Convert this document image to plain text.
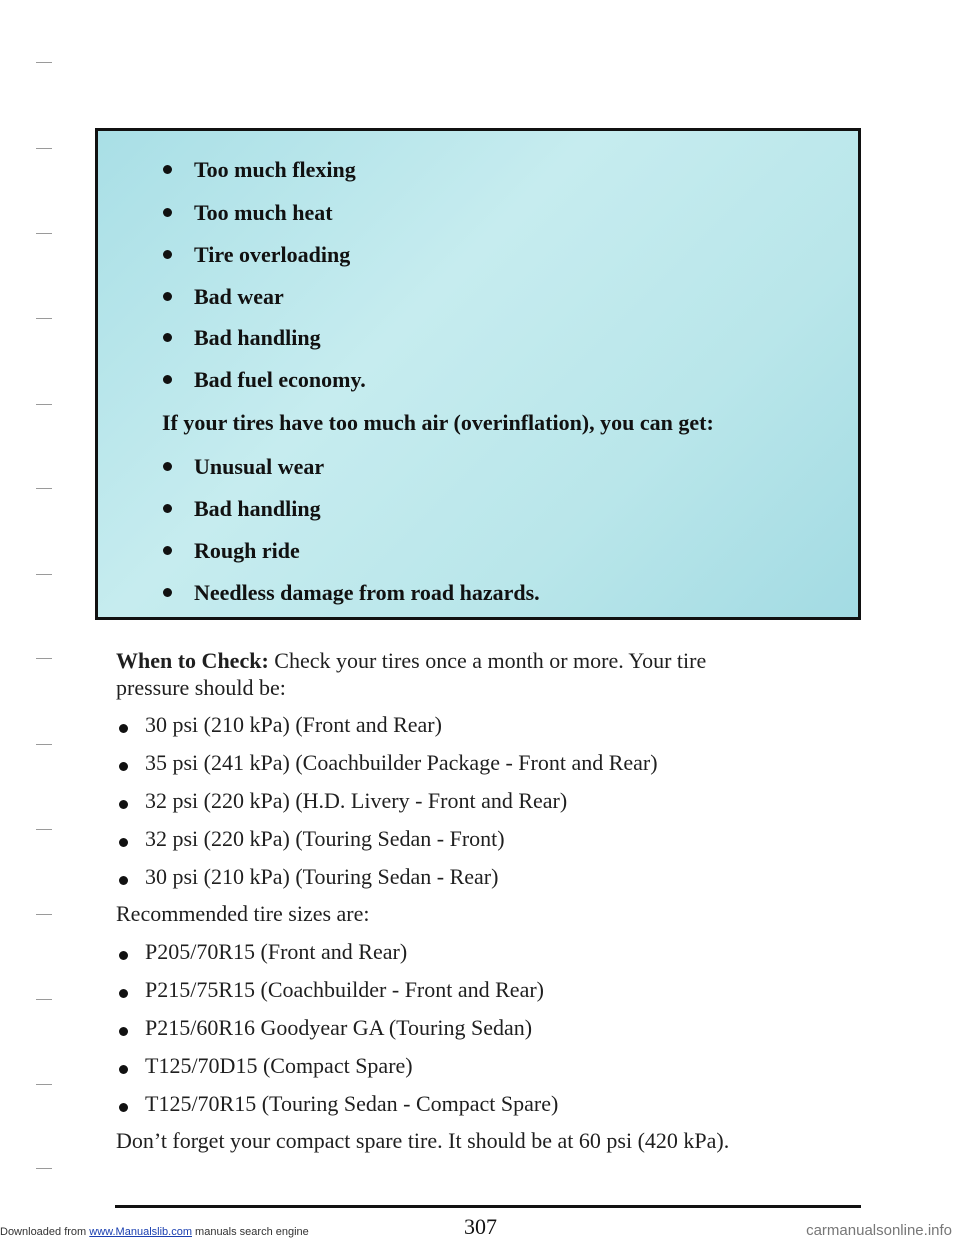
Too much flexing
Too much heat
Tire overloading
Bad wear
Bad handling
Bad fuel economy.
If your tires have too much air (overinflation), you can get:
Unusual wear
Bad handling
Rough ride
Needless damage from road hazards.
When to Check: Check your tires once a month or more. Your tire
pressure should be:
30 psi (210 kPa) (Front and Rear)
35 psi (241 kPa) (Coachbuilder Package - Front and Rear)
32 psi (220 kPa) (H.D. Livery - Front and Rear)
32 psi (220 kPa) (Touring Sedan - Front)
30 psi (210 kPa) (Touring Sedan - Rear)
Recommended tire sizes are:
P205/70R15 (Front and Rear)
P215/75R15 (Coachbuilder - Front and Rear)
P215/60R16 Goodyear GA (Touring Sedan)
T125/70D15 (Compact Spare)
T125/70R15 (Touring Sedan - Compact Spare)
Don’t forget your compact spare tire. It should be at 60 psi (420 kPa).
Downloaded from www.Manualslib.com manuals search engine	307	carmanualsonline.info
